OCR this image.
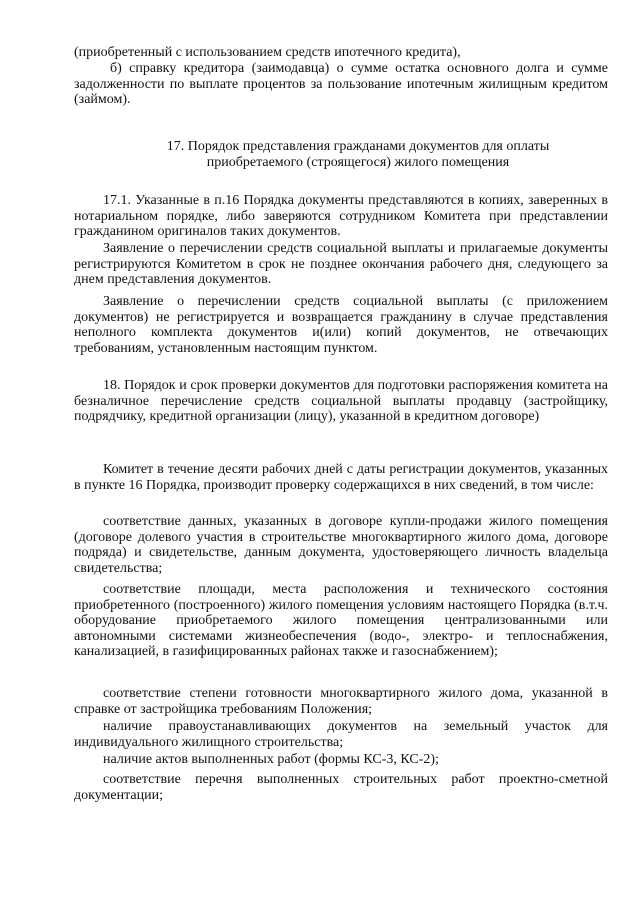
(приобретенный с использованием средств ипотечного кредита),

б) справку кредитора (заимодавца) о сумме остатка основного долга и сумме задолженности по выплате процентов за пользование ипотечным жилищным кредитом (займом).

17. Порядок представления гражданами документов для оплаты приобретаемого (строящегося) жилого помещения

17.1. Указанные в п.16 Порядка документы представляются в копиях, заверенных в нотариальном порядке, либо заверяются сотрудником Комитета при представлении гражданином оригиналов таких документов.

Заявление о перечислении средств социальной выплаты и прилагаемые документы регистрируются Комитетом в срок не позднее окончания рабочего дня, следующего за днем представления документов.

Заявление о перечислении средств социальной выплаты (с приложением документов) не регистрируется и возвращается гражданину в случае представления неполного комплекта документов и(или) копий документов, не отвечающих требованиям, установленным настоящим пунктом.

18. Порядок и срок проверки документов для подготовки распоряжения комитета на безналичное перечисление средств социальной выплаты продавцу (застройщику, подрядчику, кредитной организации (лицу), указанной в кредитном договоре)

Комитет в течение десяти рабочих дней с даты регистрации документов, указанных в пункте 16 Порядка, производит проверку содержащихся в них сведений, в том числе:

соответствие данных, указанных в договоре купли-продажи жилого помещения (договоре долевого участия в строительстве многоквартирного жилого дома, договоре подряда) и свидетельстве, данным документа, удостоверяющего личность владельца свидетельства;

соответствие площади, места расположения и технического состояния приобретенного (построенного) жилого помещения условиям настоящего Порядка (в.т.ч. оборудование приобретаемого жилого помещения централизованными или автономными системами жизнеобеспечения (водо-, электро- и теплоснабжения, канализацией, в газифицированных районах также и газоснабжением);

соответствие степени готовности многоквартирного жилого дома, указанной в справке от застройщика требованиям Положения;

наличие правоустанавливающих документов на земельный участок для индивидуального жилищного строительства;

наличие актов выполненных работ (формы КС-3, КС-2);

соответствие перечня выполненных строительных работ проектно-сметной документации;
